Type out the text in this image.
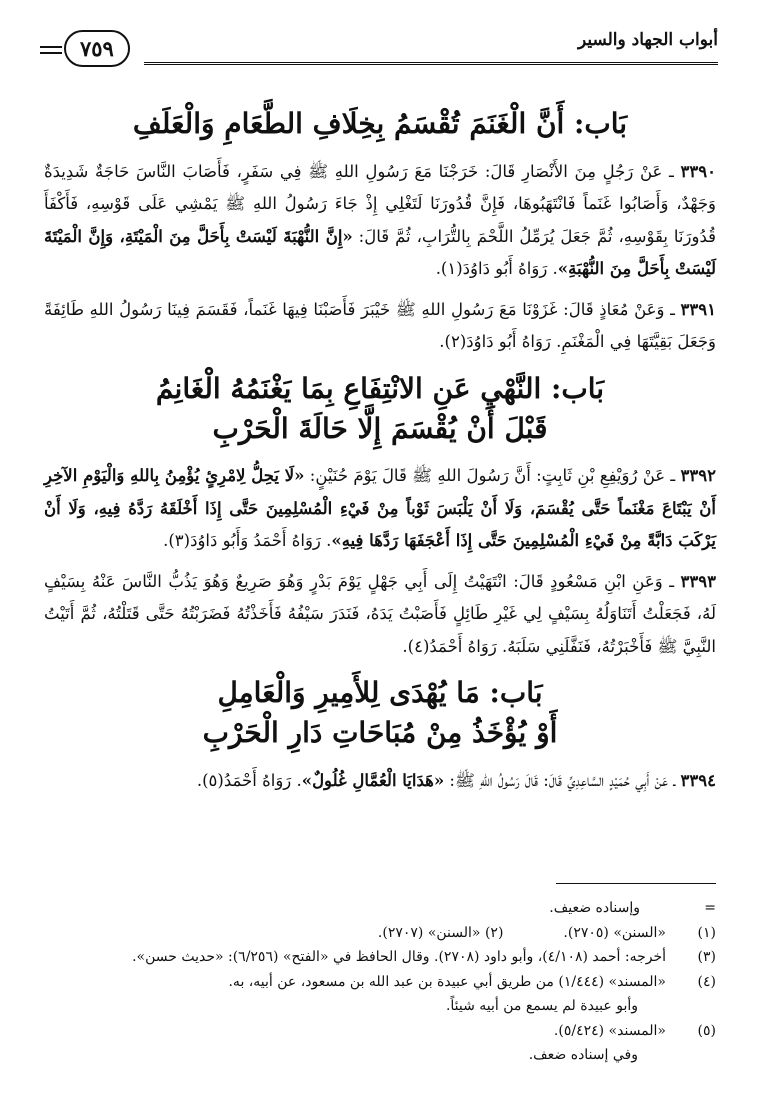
أبواب الجهاد والسير
٧٥٩
بَاب: أَنَّ الْغَنَمَ تُقْسَمُ بِخِلَافِ الطَّعَامِ وَالْعَلَفِ

٣٣٩٠ ـ عَنْ رَجُلٍ مِنَ الأَنْصَارِ قَالَ: خَرَجْنَا مَعَ رَسُولِ اللهِ ﷺ فِي سَفَرٍ، فَأَصَابَ النَّاسَ حَاجَةٌ شَدِيدَةٌ وَجَهْدٌ، وَأَصَابُوا غَنَماً فَانْتَهَبُوهَا، فَإِنَّ قُدُورَنَا لَتَغْلِي إِذْ جَاءَ رَسُولُ اللهِ ﷺ يَمْشِي عَلَى قَوْسِهِ، فَأَكْفَأَ قُدُورَنَا بِقَوْسِهِ، ثُمَّ جَعَلَ يُرَمِّلُ اللَّحْمَ بِالتُّرَابِ، ثُمَّ قَالَ: «إِنَّ النُّهْبَةَ لَيْسَتْ بِأَحَلَّ مِنَ الْمَيْتَةِ، وَإِنَّ الْمَيْتَةَ لَيْسَتْ بِأَحَلَّ مِنَ النُّهْبَةِ». رَوَاهُ أَبُو دَاوُدَ(١).

٣٣٩١ ـ وَعَنْ مُعَاذٍ قَالَ: غَزَوْنَا مَعَ رَسُولِ اللهِ ﷺ خَيْبَرَ فَأَصَبْنَا فِيهَا غَنَماً، فَقَسَمَ فِينَا رَسُولُ اللهِ طَائِفَةً وَجَعَلَ بَقِيَّتَهَا فِي الْمَغْنَمِ. رَوَاهُ أَبُو دَاوُدَ(٢).

بَاب: النَّهْيِ عَنِ الانْتِفَاعِ بِمَا يَغْنَمُهُ الْغَانِمُ
قَبْلَ أَنْ يُقْسَمَ إِلَّا حَالَةَ الْحَرْبِ

٣٣٩٢ ـ عَنْ رُوَيْفِعِ بْنِ ثَابِتٍ: أَنَّ رَسُولَ اللهِ ﷺ قَالَ يَوْمَ حُنَيْنٍ: «لَا يَحِلُّ لِامْرِئٍ يُؤْمِنُ بِاللهِ وَالْيَوْمِ الآخِرِ أَنْ يَبْتَاعَ مَغْنَماً حَتَّى يُقْسَمَ، وَلَا أَنْ يَلْبَسَ ثَوْباً مِنْ فَيْءِ الْمُسْلِمِينَ حَتَّى إِذَا أَخْلَقَهُ رَدَّهُ فِيهِ، وَلَا أَنْ يَرْكَبَ دَابَّةً مِنْ فَيْءِ الْمُسْلِمِينَ حَتَّى إِذَا أَعْجَفَهَا رَدَّهَا فِيهِ». رَوَاهُ أَحْمَدُ وَأَبُو دَاوُدَ(٣).

٣٣٩٣ ـ وَعَنِ ابْنِ مَسْعُودٍ قَالَ: انْتَهَيْتُ إِلَى أَبِي جَهْلٍ يَوْمَ بَدْرٍ وَهُوَ صَرِيعٌ وَهُوَ يَذُبُّ النَّاسَ عَنْهُ بِسَيْفٍ لَهُ، فَجَعَلْتُ أَتَنَاوَلُهُ بِسَيْفٍ لِي غَيْرِ طَائِلٍ فَأَصَبْتُ يَدَهُ، فَنَدَرَ سَيْفُهُ فَأَخَذْتُهُ فَضَرَبْتُهُ حَتَّى قَتَلْتُهُ، ثُمَّ أَتَيْتُ النَّبِيَّ ﷺ فَأَخْبَرْتُهُ، فَنَفَّلَنِي سَلَبَهُ. رَوَاهُ أَحْمَدُ(٤).

بَاب: مَا يُهْدَى لِلأَمِيرِ وَالْعَامِلِ
أَوْ يُؤْخَذُ مِنْ مُبَاحَاتِ دَارِ الْحَرْبِ

٣٣٩٤ ـ عَنْ أَبِي حُمَيْدٍ السَّاعِدِيِّ قَالَ: قَالَ رَسُولُ اللهِ ﷺ: «هَدَايَا الْعُمَّالِ غُلُولٌ». رَوَاهُ أَحْمَدُ(٥).

=
وإسناده ضعيف.
(١)
«السنن» (٢٧٠٥).(٢) «السنن» (٢٧٠٧).
(٣)
أخرجه: أحمد (٤/١٠٨)، وأبو داود (٢٧٠٨). وقال الحافظ في «الفتح» (٦/٢٥٦): «حديث حسن».
(٤)
«المسند» (١/٤٤٤) من طريق أبي عبيدة بن عبد الله بن مسعود، عن أبيه، به.
وأبو عبيدة لم يسمع من أبيه شيئاً.
(٥)
«المسند» (٥/٤٢٤).
وفي إسناده ضعف.
